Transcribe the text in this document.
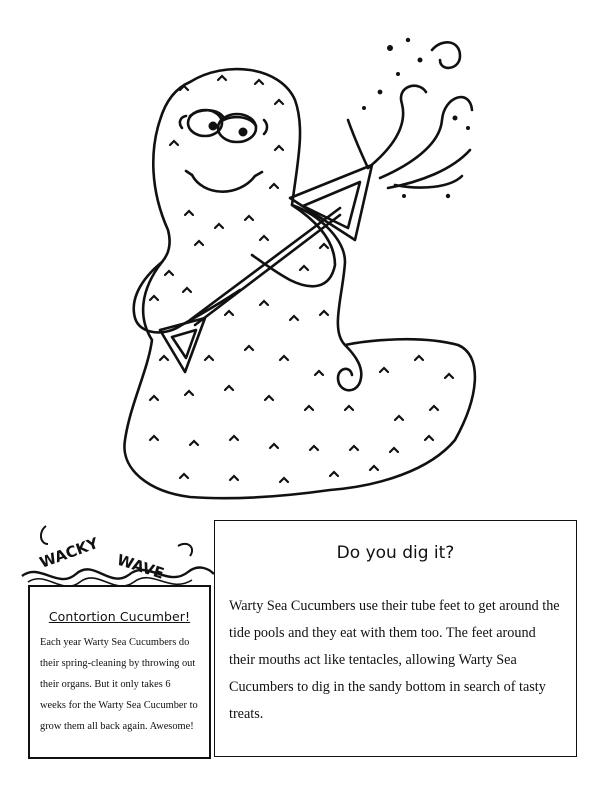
WACKY WAVE
Contortion Cucumber!
Each year Warty Sea Cucumbers do their spring-cleaning by throwing out their organs. But it only takes 6 weeks for the Warty Sea Cucumber to grow them all back again. Awesome!
Do you dig it?
Warty Sea Cucumbers use their tube feet to get around the tide pools and they eat with them too. The feet around their mouths act like tentacles, allowing Warty Sea Cucumbers to dig in the sandy bottom in search of tasty treats.
